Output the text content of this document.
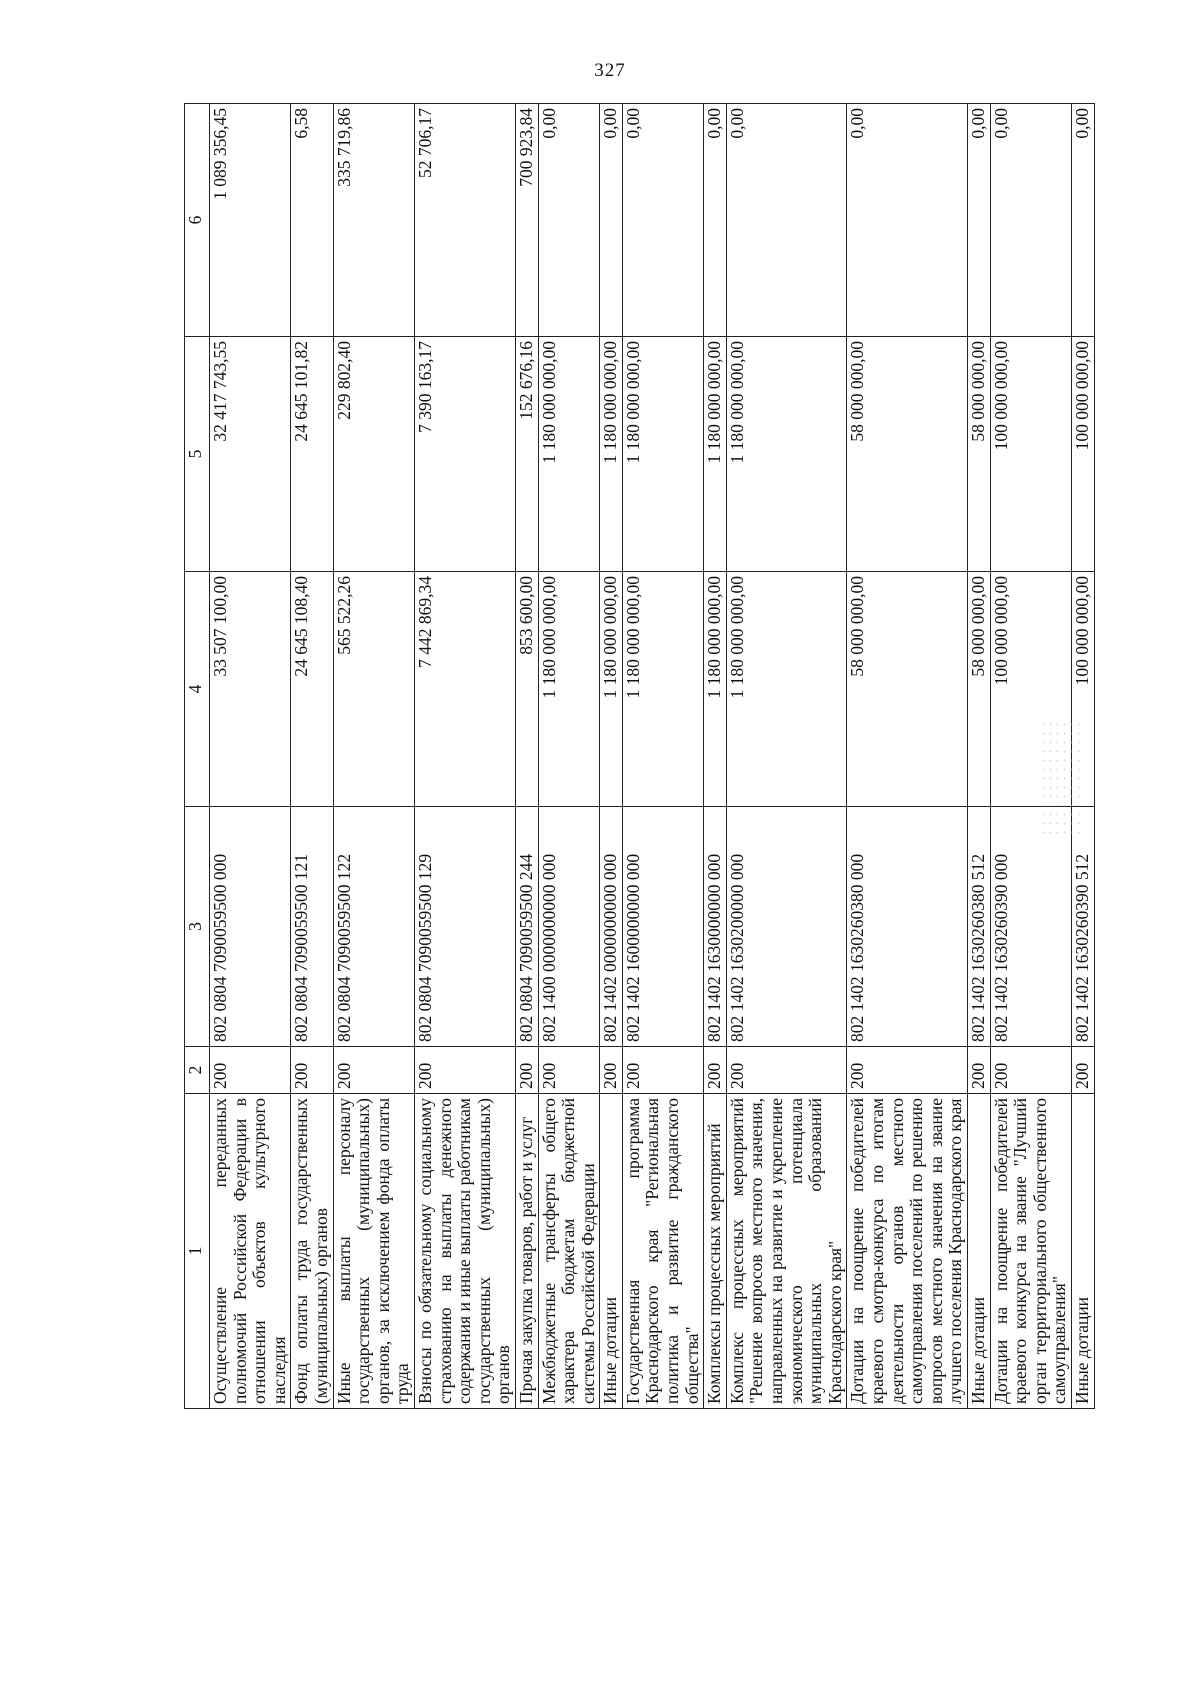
327
1	2	3	4	5	6
Осуществление переданных полномочий Российской Федерации в отношении объектов культурного наследия	200	802 0804 7090059500 000	33 507 100,00	32 417 743,55	1 089 356,45
Фонд оплаты труда государственных (муниципальных) органов	200	802 0804 7090059500 121	24 645 108,40	24 645 101,82	6,58
Иные выплаты персоналу государственных (муниципальных) органов, за исключением фонда оплаты труда	200	802 0804 7090059500 122	565 522,26	229 802,40	335 719,86
Взносы по обязательному социальному страхованию на выплаты денежного содержания и иные выплаты работникам государственных (муниципальных) органов	200	802 0804 7090059500 129	7 442 869,34	7 390 163,17	52 706,17
Прочая закупка товаров, работ и услуг	200	802 0804 7090059500 244	853 600,00	152 676,16	700 923,84
Межбюджетные трансферты общего характера бюджетам бюджетной системы Российской Федерации	200	802 1400 0000000000 000	1 180 000 000,00	1 180 000 000,00	0,00
Иные дотации	200	802 1402 0000000000 000	1 180 000 000,00	1 180 000 000,00	0,00
Государственная программа Краснодарского края "Региональная политика и развитие гражданского общества"	200	802 1402 1600000000 000	1 180 000 000,00	1 180 000 000,00	0,00
Комплексы процессных мероприятий	200	802 1402 1630000000 000	1 180 000 000,00	1 180 000 000,00	0,00
Комплекс процессных мероприятий "Решение вопросов местного значения, направленных на развитие и укрепление экономического потенциала муниципальных образований Краснодарского края"	200	802 1402 1630200000 000	1 180 000 000,00	1 180 000 000,00	0,00
Дотации на поощрение победителей краевого смотра-конкурса по итогам деятельности органов местного самоуправления поселений по решению вопросов местного значения на звание лучшего поселения Краснодарского края	200	802 1402 1630260380 000	58 000 000,00	58 000 000,00	0,00
Иные дотации	200	802 1402 1630260380 512	58 000 000,00	58 000 000,00	0,00
Дотации на поощрение победителей краевого конкурса на звание "Лучший орган территориального общественного самоуправления"	200	802 1402 1630260390 000	100 000 000,00	100 000 000,00	0,00
Иные дотации	200	802 1402 1630260390 512	100 000 000,00	100 000 000,00	0,00
